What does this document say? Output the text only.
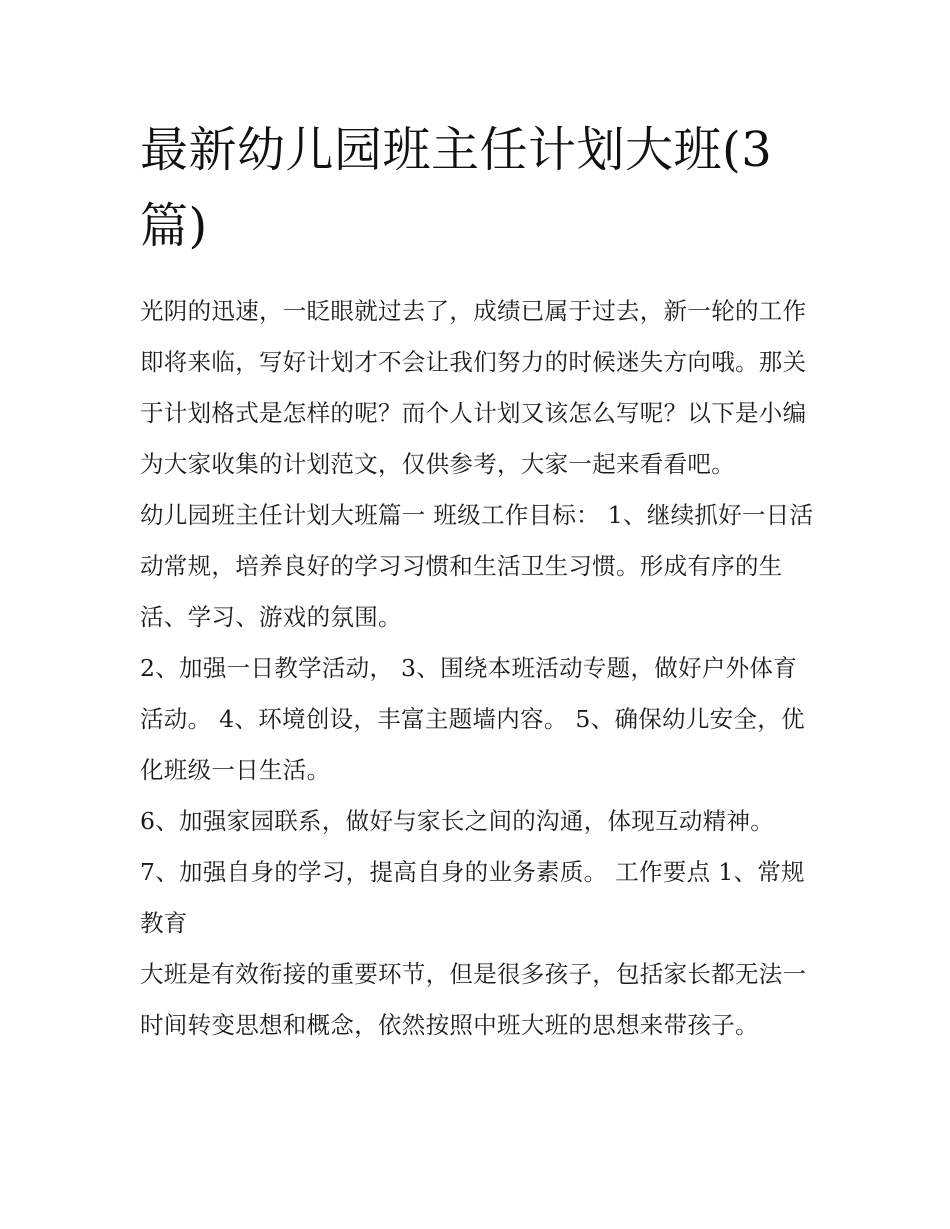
最新幼儿园班主任计划大班(3篇)

光阴的迅速，一眨眼就过去了，成绩已属于过去，新一轮的工作即将来临，写好计划才不会让我们努力的时候迷失方向哦。那关于计划格式是怎样的呢？而个人计划又该怎么写呢？以下是小编为大家收集的计划范文，仅供参考，大家一起来看看吧。

幼儿园班主任计划大班篇一 班级工作目标： 1、继续抓好一日活动常规，培养良好的学习习惯和生活卫生习惯。形成有序的生活、学习、游戏的氛围。

2、加强一日教学活动， 3、围绕本班活动专题，做好户外体育活动。 4、环境创设，丰富主题墙内容。 5、确保幼儿安全，优化班级一日生活。

6、加强家园联系，做好与家长之间的沟通，体现互动精神。

7、加强自身的学习，提高自身的业务素质。 工作要点 1、常规教育

大班是有效衔接的重要环节，但是很多孩子，包括家长都无法一时间转变思想和概念，依然按照中班大班的思想来带孩子。
